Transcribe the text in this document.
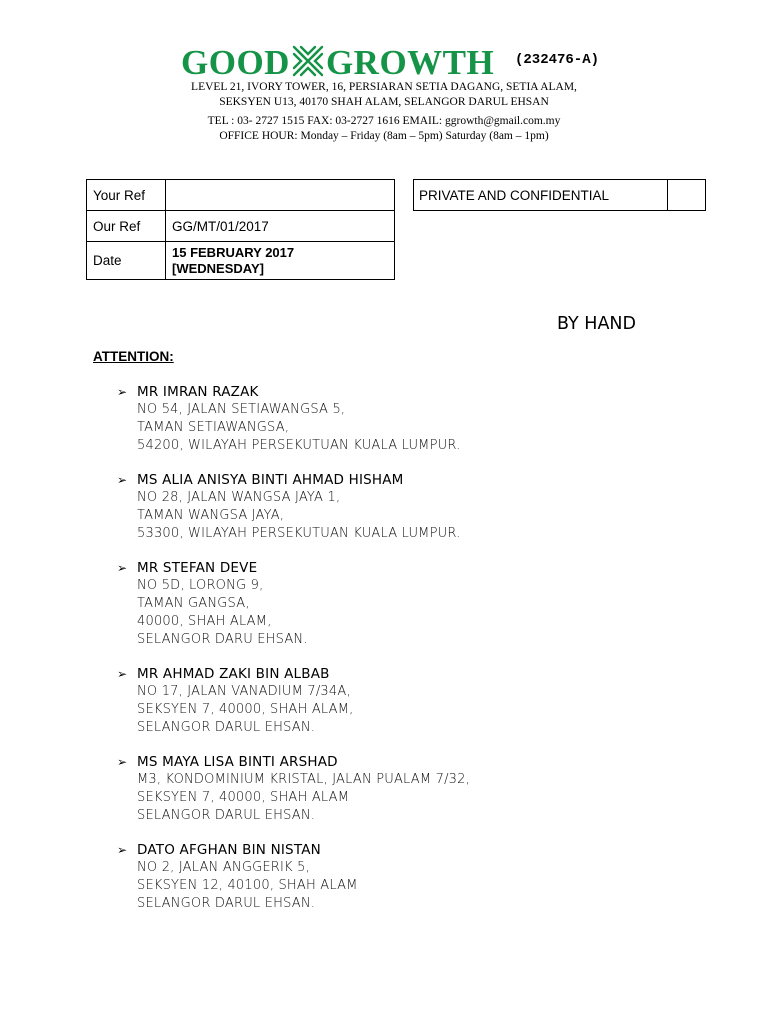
GOOD GROWTH (232476-A)
LEVEL 21, IVORY TOWER, 16, PERSIARAN SETIA DAGANG, SETIA ALAM,
SEKSYEN U13, 40170 SHAH ALAM, SELANGOR DARUL EHSAN
TEL : 03- 2727 1515 FAX: 03-2727 1616 EMAIL: ggrowth@gmail.com.my
OFFICE HOUR: Monday – Friday (8am – 5pm) Saturday (8am – 1pm)
Your Ref	
Our Ref	GG/MT/01/2017
Date	15 FEBRUARY 2017
[WEDNESDAY]
PRIVATE AND CONFIDENTIAL	
BY HAND
ATTENTION:
➢ MR IMRAN RAZAK
NO 54, JALAN SETIAWANGSA 5,
TAMAN SETIAWANGSA,
54200, WILAYAH PERSEKUTUAN KUALA LUMPUR.
➢ MS ALIA ANISYA BINTI AHMAD HISHAM
NO 28, JALAN WANGSA JAYA 1,
TAMAN WANGSA JAYA,
53300, WILAYAH PERSEKUTUAN KUALA LUMPUR.
➢ MR STEFAN DEVE
NO 5D, LORONG 9,
TAMAN GANGSA,
40000, SHAH ALAM,
SELANGOR DARU EHSAN.
➢ MR AHMAD ZAKI BIN ALBAB
NO 17, JALAN VANADIUM 7/34A,
SEKSYEN 7, 40000, SHAH ALAM,
SELANGOR DARUL EHSAN.
➢ MS MAYA LISA BINTI ARSHAD
M3, KONDOMINIUM KRISTAL, JALAN PUALAM 7/32,
SEKSYEN 7, 40000, SHAH ALAM
SELANGOR DARUL EHSAN.
➢ DATO AFGHAN BIN NISTAN
NO 2, JALAN ANGGERIK 5,
SEKSYEN 12, 40100, SHAH ALAM
SELANGOR DARUL EHSAN.
